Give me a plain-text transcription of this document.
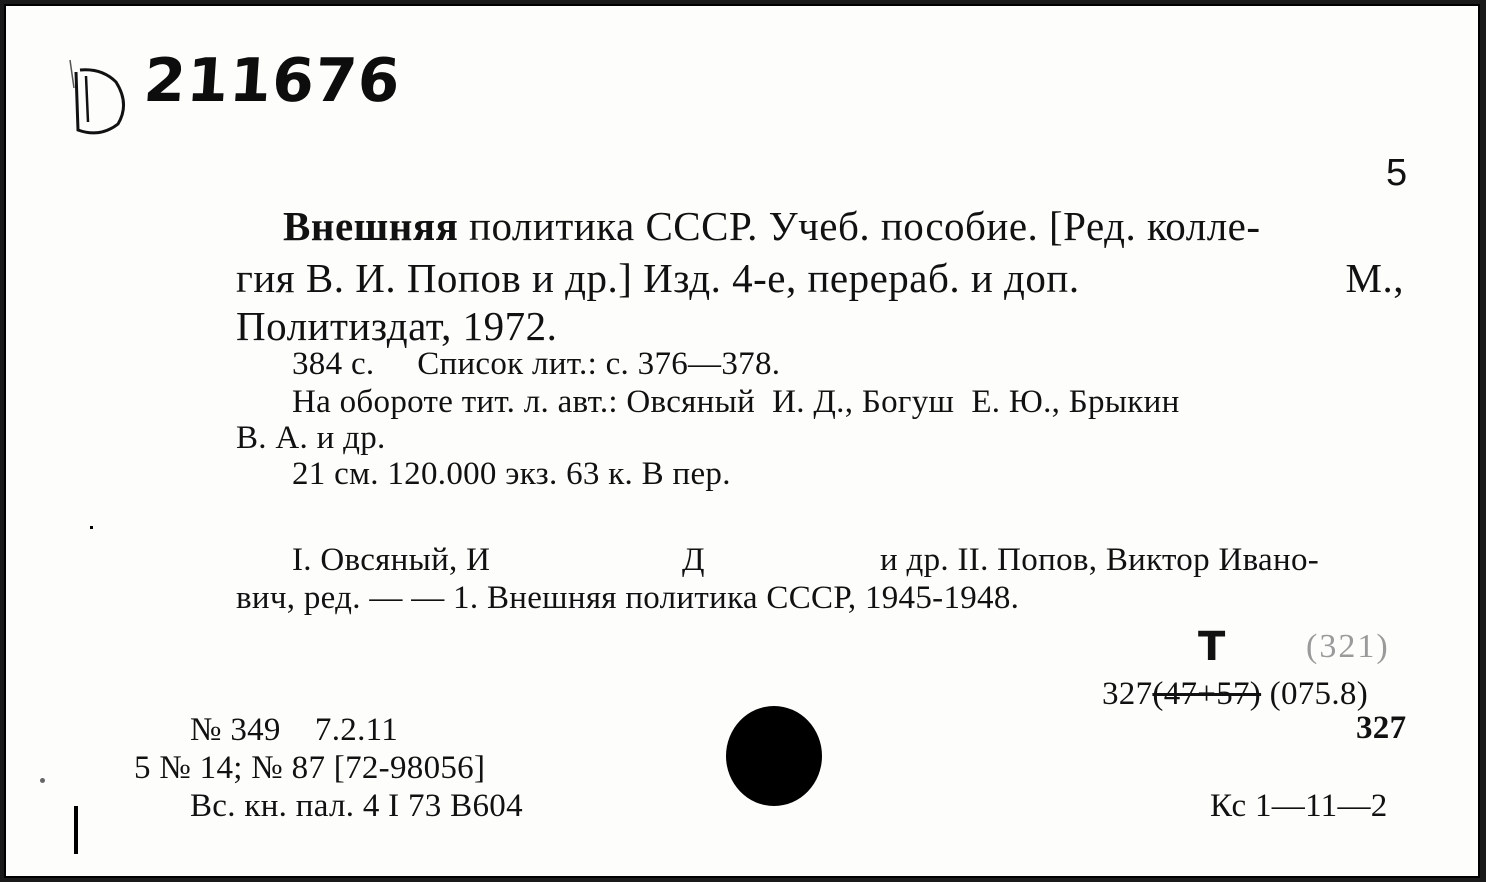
211676
5
Внешняя политика СССР. Учеб. пособие. [Ред. колле-
гия В. И. Попов и др.] Изд. 4-е, перераб. и доп.	М.,
Политиздат, 1972.
384 с.     Список лит.: с. 376—378.
На обороте тит. л. авт.: Овсяный  И. Д., Богуш  Е. Ю., Брыкин
В. А. и др.
21 см. 120.000 экз. 63 к. В пер.
I. Овсяный, И	Д	и др. II. Попов, Виктор Ивано-
вич, ред. — — 1. Внешняя политика СССР, 1945-1948.
Т (321)
327(47+57) (075.8)
327
№ 349    7.2.11
5 № 14; № 87 [72-98056]
Вс. кн. пал. 4 I 73 В604	Кс 1—11—2
